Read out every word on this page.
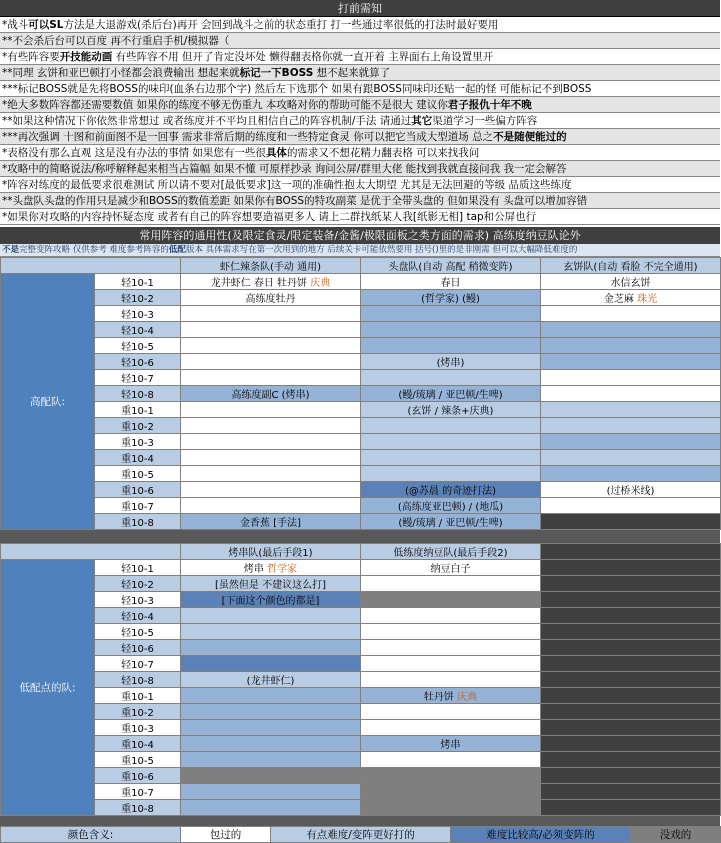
打前需知
*战斗可以SL方法是大退游戏(杀后台)再开 会回到战斗之前的状态重打 打一些通过率很低的打法时最好要用
**不会杀后台可以百度 再不行重启手机/模拟器（
*有些阵容要开技能动画 有些阵容不用 但开了肯定没坏处 懒得翻表格你就一直开着 主界面右上角设置里开
**同理 玄饼和亚巴顿打小怪都会浪费输出 想起来就标记一下BOSS 想不起来就算了
***标记BOSS就是先将BOSS的味印(血条右边那个字) 然后左下选那个 如果有跟BOSS同味印还贴一起的怪 可能标记不到BOSS
*绝大多数阵容都还需要数值 如果你的练度不够无伤重九 本攻略对你的帮助可能不是很大 建议你君子报仇十年不晚
**如果这种情况下你依然非常想过 或者练度并不平均且相信自己的阵容机制/手法 请通过其它渠道学习一些偏方阵容
***再次强调 十图和前面图不是一回事 需求非常后期的练度和一些特定食灵 你可以把它当成大型道场 总之不是随便能过的
*表格没有那么直观 这是没有办法的事情 如果您有一些很具体的需求又不想花精力翻表格 可以来找我问
*攻略中的简略说法/称呼解释起来相当占篇幅 如果不懂 可原样抄录 询问公屏/群里大佬 能找到我就直接问我 我一定会解答
*阵容对练度的最低要求很难测试 所以请不要对[最低要求]这一项的准确性抱太大期望 尤其是无法回避的等级 品质这些练度
**头盘队头盘的作用只是减少和BOSS的数值差距 如果你有BOSS的特攻副菜 是优于全带头盘的 但如果没有 头盘可以增加容错
*如果你对攻略的内容持怀疑态度 或者有自己的阵容想要造福更多人 请上二群找纸某人我[纸影无相] tap和公屏也行
常用阵容的通用性(及限定食灵/限定装备/金酱/极限面板之类方面的需求) 高练度纳豆队论外
不是完整变阵攻略 仅供参考 难度参考阵容的低配版本 具体需求写在第一次用到的地方 后续关卡可能依然要用 括号()里的是非刚需 但可以大幅降低难度的
		虾仁辣条队(手动 通用)	头盘队(自动 高配 稍微变阵)	玄饼队(自动 看脸 不完全通用)
高配队:	轻10-1	龙井虾仁 春日 牡丹饼 庆典	春日	水信玄饼
	轻10-2	高练度牡丹	(哲学家) (鳗)	金芝麻 珠光
	轻10-3			
	轻10-4			
	轻10-5			
	轻10-6		(烤串)	
	轻10-7			
	轻10-8	高练度副C (烤串)	(鳗/琉璃 / 亚巴顿/生啤)	
	重10-1		(玄饼 / 辣条+庆典)	
	重10-2			
	重10-3			
	重10-4			
	重10-5			
	重10-6		(@苏晨 的奇迹打法)	(过桥米线)
	重10-7		(高练度亚巴顿) / (地瓜)	
	重10-8	金香蕉 [手法]	(鳗/琉璃 / 亚巴顿/生啤)	
		烤串队(最后手段1)	低练度纳豆队(最后手段2)	
低配点的队:	轻10-1	烤串 哲学家	纳豆白子	
	轻10-2	[虽然但是 不建议这么打]		
	轻10-3	[下面这个颜色的都是]		
	轻10-4			
	轻10-5			
	轻10-6			
	轻10-7			
	轻10-8	(龙井虾仁)		
	重10-1		牡丹饼 庆典	
	重10-2			
	重10-3			
	重10-4		烤串	
	重10-5			
	重10-6			
	重10-7			
	重10-8			
颜色含义:	包过的	有点难度/变阵更好打的	难度比较高/必须变阵的	没戏的
